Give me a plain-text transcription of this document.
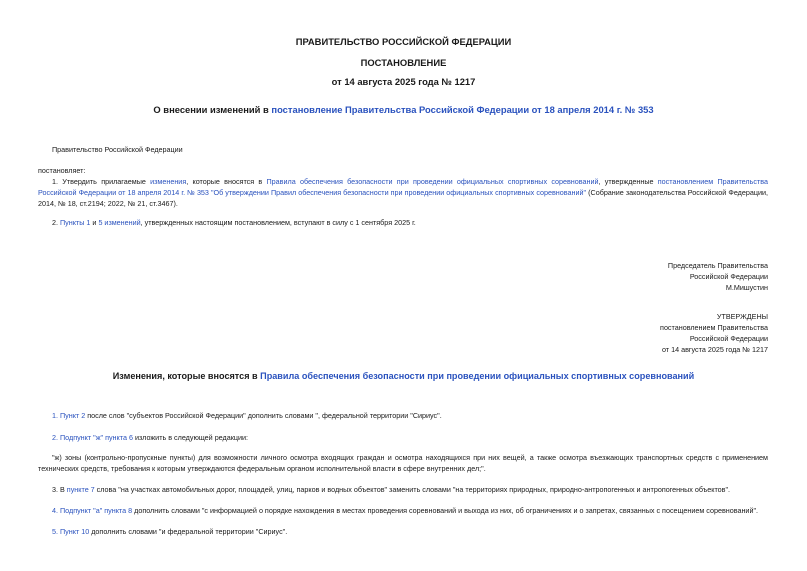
ПРАВИТЕЛЬСТВО РОССИЙСКОЙ ФЕДЕРАЦИИ
ПОСТАНОВЛЕНИЕ
от 14 августа 2025 года № 1217
О внесении изменений в постановление Правительства Российской Федерации от 18 апреля 2014 г. № 353
Правительство Российской Федерации
постановляет:
1. Утвердить прилагаемые изменения, которые вносятся в Правила обеспечения безопасности при проведении официальных спортивных соревнований, утвержденные постановлением Правительства Российской Федерации от 18 апреля 2014 г. № 353 "Об утверждении Правил обеспечения безопасности при проведении официальных спортивных соревнований" (Собрание законодательства Российской Федерации, 2014, № 18, ст.2194; 2022, № 21, ст.3467).
2. Пункты 1 и 5 изменений, утвержденных настоящим постановлением, вступают в силу с 1 сентября 2025 г.
Председатель Правительства
Российской Федерации
М.Мишустин
УТВЕРЖДЕНЫ
постановлением Правительства
Российской Федерации
от 14 августа 2025 года № 1217
Изменения, которые вносятся в Правила обеспечения безопасности при проведении официальных спортивных соревнований
1. Пункт 2 после слов "субъектов Российской Федерации" дополнить словами ", федеральной территории "Сириус".
2. Подпункт "ж" пункта 6 изложить в следующей редакции:
"ж) зоны (контрольно-пропускные пункты) для возможности личного осмотра входящих граждан и осмотра находящихся при них вещей, а также осмотра въезжающих транспортных средств с применением технических средств, требования к которым утверждаются федеральным органом исполнительной власти в сфере внутренних дел;".
3. В пункте 7 слова "на участках автомобильных дорог, площадей, улиц, парков и водных объектов" заменить словами "на территориях природных, природно-антропогенных и антропогенных объектов".
4. Подпункт "а" пункта 8 дополнить словами "с информацией о порядке нахождения в местах проведения соревнований и выхода из них, об ограничениях и о запретах, связанных с посещением соревнований".
5. Пункт 10 дополнить словами "и федеральной территории "Сириус".
